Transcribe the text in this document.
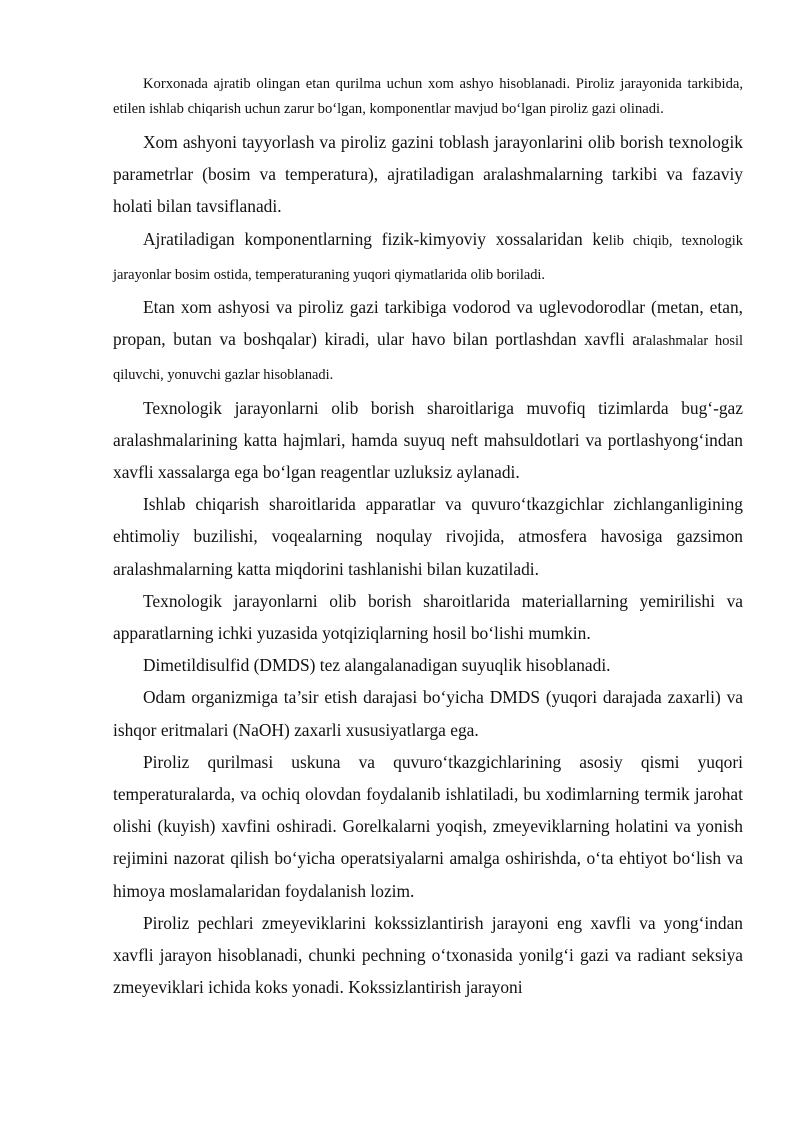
Korxonada ajratib olingan etan qurilma uchun xom ashyo hisoblanadi. Piroliz jarayonida tarkibida, etilen ishlab chiqarish uchun zarur bo‘lgan, komponentlar mavjud bo‘lgan piroliz gazi olinadi.

Xom ashyoni tayyorlash va piroliz gazini toblash jarayonlarini olib borish texnologik parametrlar (bosim va temperatura), ajratiladigan aralashmalarning tarkibi va fazaviy holati bilan tavsiflanadi.

Ajratiladigan komponentlarning fizik-kimyoviy xossalaridan kelib chiqib, texnologik jarayonlar bosim ostida, temperaturaning yuqori qiymatlarida olib boriladi.

Etan xom ashyosi va piroliz gazi tarkibiga vodorod va uglevodorodlar (metan, etan, propan, butan va boshqalar) kiradi, ular havo bilan portlashdan xavfli aralashmalar hosil qiluvchi, yonuvchi gazlar hisoblanadi.

Texnologik jarayonlarni olib borish sharoitlariga muvofiq tizimlarda bug‘-gaz aralashmalarining katta hajmlari, hamda suyuq neft mahsuldotlari va portlashyong‘indan xavfli xassalarga ega bo‘lgan reagentlar uzluksiz aylanadi.

Ishlab chiqarish sharoitlarida apparatlar va quvuro‘tkazgichlar zichlanganligining ehtimoliy buzilishi, voqealarning noqulay rivojida, atmosfera havosiga gazsimon aralashmalarning katta miqdorini tashlanishi bilan kuzatiladi.

Texnologik jarayonlarni olib borish sharoitlarida materiallarning yemirilishi va apparatlarning ichki yuzasida yotqiziqlarning hosil bo‘lishi mumkin.

Dimetildisulfid (DMDS) tez alangalanadigan suyuqlik hisoblanadi.

Odam organizmiga ta’sir etish darajasi bo‘yicha DMDS (yuqori darajada zaxarli) va ishqor eritmalari (NaOH) zaxarli xususiyatlarga ega.

Piroliz qurilmasi uskuna va quvuro‘tkazgichlarining asosiy qismi yuqori temperaturalarda, va ochiq olovdan foydalanib ishlatiladi, bu xodimlarning termik jarohat olishi (kuyish) xavfini oshiradi. Gorelkalarni yoqish, zmeyeviklarning holatini va yonish rejimini nazorat qilish bo‘yicha operatsiyalarni amalga oshirishda, o‘ta ehtiyot bo‘lish va himoya moslamalaridan foydalanish lozim.

Piroliz pechlari zmeyeviklarini kokssizlantirish jarayoni eng xavfli va yong‘indan xavfli jarayon hisoblanadi, chunki pechning o‘txonasida yonilg‘i gazi va radiant seksiya zmeyeviklari ichida koks yonadi. Kokssizlantirish jarayoni
